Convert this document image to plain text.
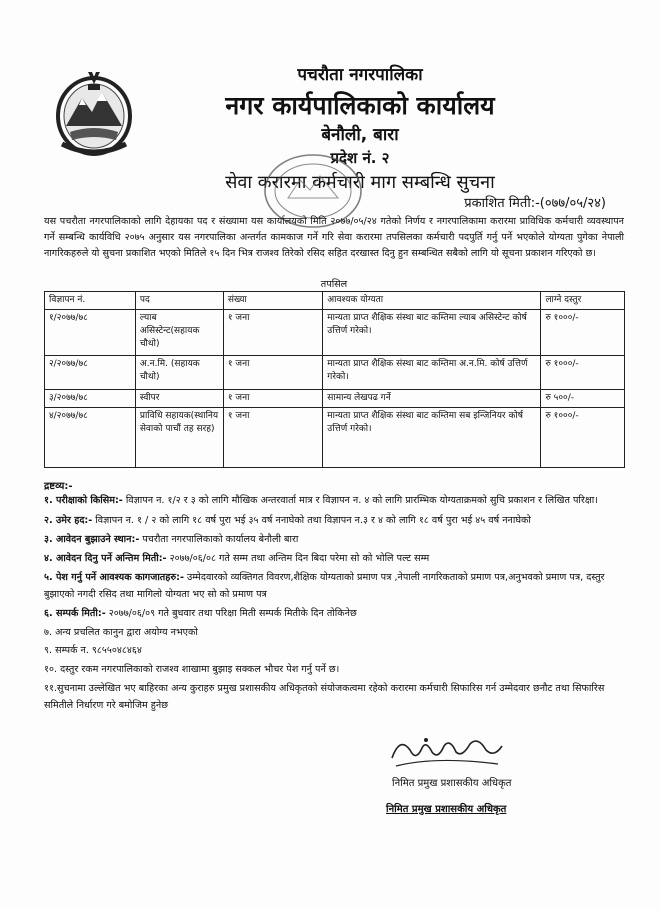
पचरौता नगरपालिका
नगर कार्यपालिकाको कार्यालय
बेनौली, बारा
प्रदेश नं. २
सेवा करारमा कर्मचारी माग सम्बन्धि सुचना
प्रकाशित मिती:-(०७७/०५/२४)
यस पचरौता नगरपालिकाको लागि देहायका पद र संख्यामा यस कार्यालयको मिति २०७७/०५/२४ गतेको निर्णय र नगरपालिकामा करारमा प्राविधिक कर्मचारी व्यवस्थापन गर्ने सम्बन्धि कार्यविधि २०७५ अनुसार यस नगरपालिका अन्तर्गत कामकाज गर्ने गरि सेवा करारमा तपसिलका कर्मचारी पदपुर्ति गर्नु पर्ने भएकोले योग्यता पुगेका नेपाली नागरिकहरुले यो सुचना प्रकाशित भएको मितिले १५ दिन भित्र राजश्व तिरेको रसिद सहित दरखास्त दिनु हुन सम्बन्धित सबैको लागि यो सूचना प्रकाशन गरिएको छ।
तपसिल
विज्ञापन नं.	पद	संख्या	आवश्यक योग्यता	लाग्ने दस्तुर
१/२०७७/७८	ल्याब असिस्टेन्ट(सहायक चौथो)	१ जना	मान्यता प्राप्त शैक्षिक संस्था बाट कम्तिमा ल्याब असिस्टेन्ट कोर्ष उत्तिर्ण गरेको।	रु १०००/-
२/२०७७/७८	अ.न.मि. (सहायक चौथो)	१ जना	मान्यता प्राप्त शैक्षिक संस्था बाट कम्तिमा अ.न.मि. कोर्ष उत्तिर्ण गरेको।	रु १०००/-
३/२०७७/७८	स्वीपर	१ जना	सामान्य लेखपढ गर्ने	रु ५००/-
४/२०७७/७८	प्राविधि सहायक(स्थानिय सेवाको पाचौं तह सरह)	१ जना	मान्यता प्राप्त शैक्षिक संस्था बाट कम्तिमा सब इन्जिनियर कोर्ष उत्तिर्ण गरेको।	रु १०००/-
द्रष्टव्य:-
१. परीक्षाको किसिम:- विज्ञापन न. १/२ र ३ को लागि मौखिक अन्तरवार्ता मात्र र विज्ञापन न. ४ को लागि प्रारम्भिक योग्यताक्रमको सुचि प्रकाशन र लिखित परिक्षा।
२. उमेर हद:- विज्ञापन न. १ / २ को लागि १८ वर्ष पुरा भई ३५ वर्ष ननाघेको तथा विज्ञापन न.३ र ४ को लागि १८ वर्ष पुरा भई ४५ वर्ष ननाघेको
३. आवेदन बुझाउने स्थान:- पचरौता नगरपालिकाको कार्यालय बेनौली बारा
४. आवेदन दिनु पर्ने अन्तिम मिती:- २०७७/०६/०८ गते सम्म तथा अन्तिम दिन बिदा परेमा सो को भोलि पल्ट सम्म
५. पेश गर्नु पर्ने आवश्यक कागजातहरु:- उम्मेदवारको व्यक्तिगत विवरण,शैक्षिक योग्यताको प्रमाण पत्र ,नेपाली नागरिकताको प्रमाण पत्र,अनुभवको प्रमाण पत्र, दस्तुर बुझाएको नगदी रसिद तथा मागिलो योग्यता भए सो को प्रमाण पत्र
६. सम्पर्क मिती:- २०७७/०६/०९ गते बुधवार तथा परिक्षा मिती सम्पर्क मितीके दिन तोकिनेछ
७. अन्य प्रचलित कानुन द्वारा अयोग्य नभएको
९. सम्पर्क न. ९८५५०४८४६४
१०. दस्तुर रकम नगरपालिकाको राजश्व शाखामा बुझाइ सक्कल भौचर पेश गर्नु पर्ने छ।
११.सुचनामा उल्लेखित भए बाहिरका अन्य कुराहरु प्रमुख प्रशासकीय अधिकृतको संयोजकत्वमा रहेको करारमा कर्मचारी सिफारिस गर्न उम्मेदवार छनौट तथा सिफारिस समितीले निर्धारण गरे बमोजिम हुनेछ
निमित प्रमुख प्रशासकीय अधिकृत
निमित प्रमुख प्रशासकीय अधिकृत
